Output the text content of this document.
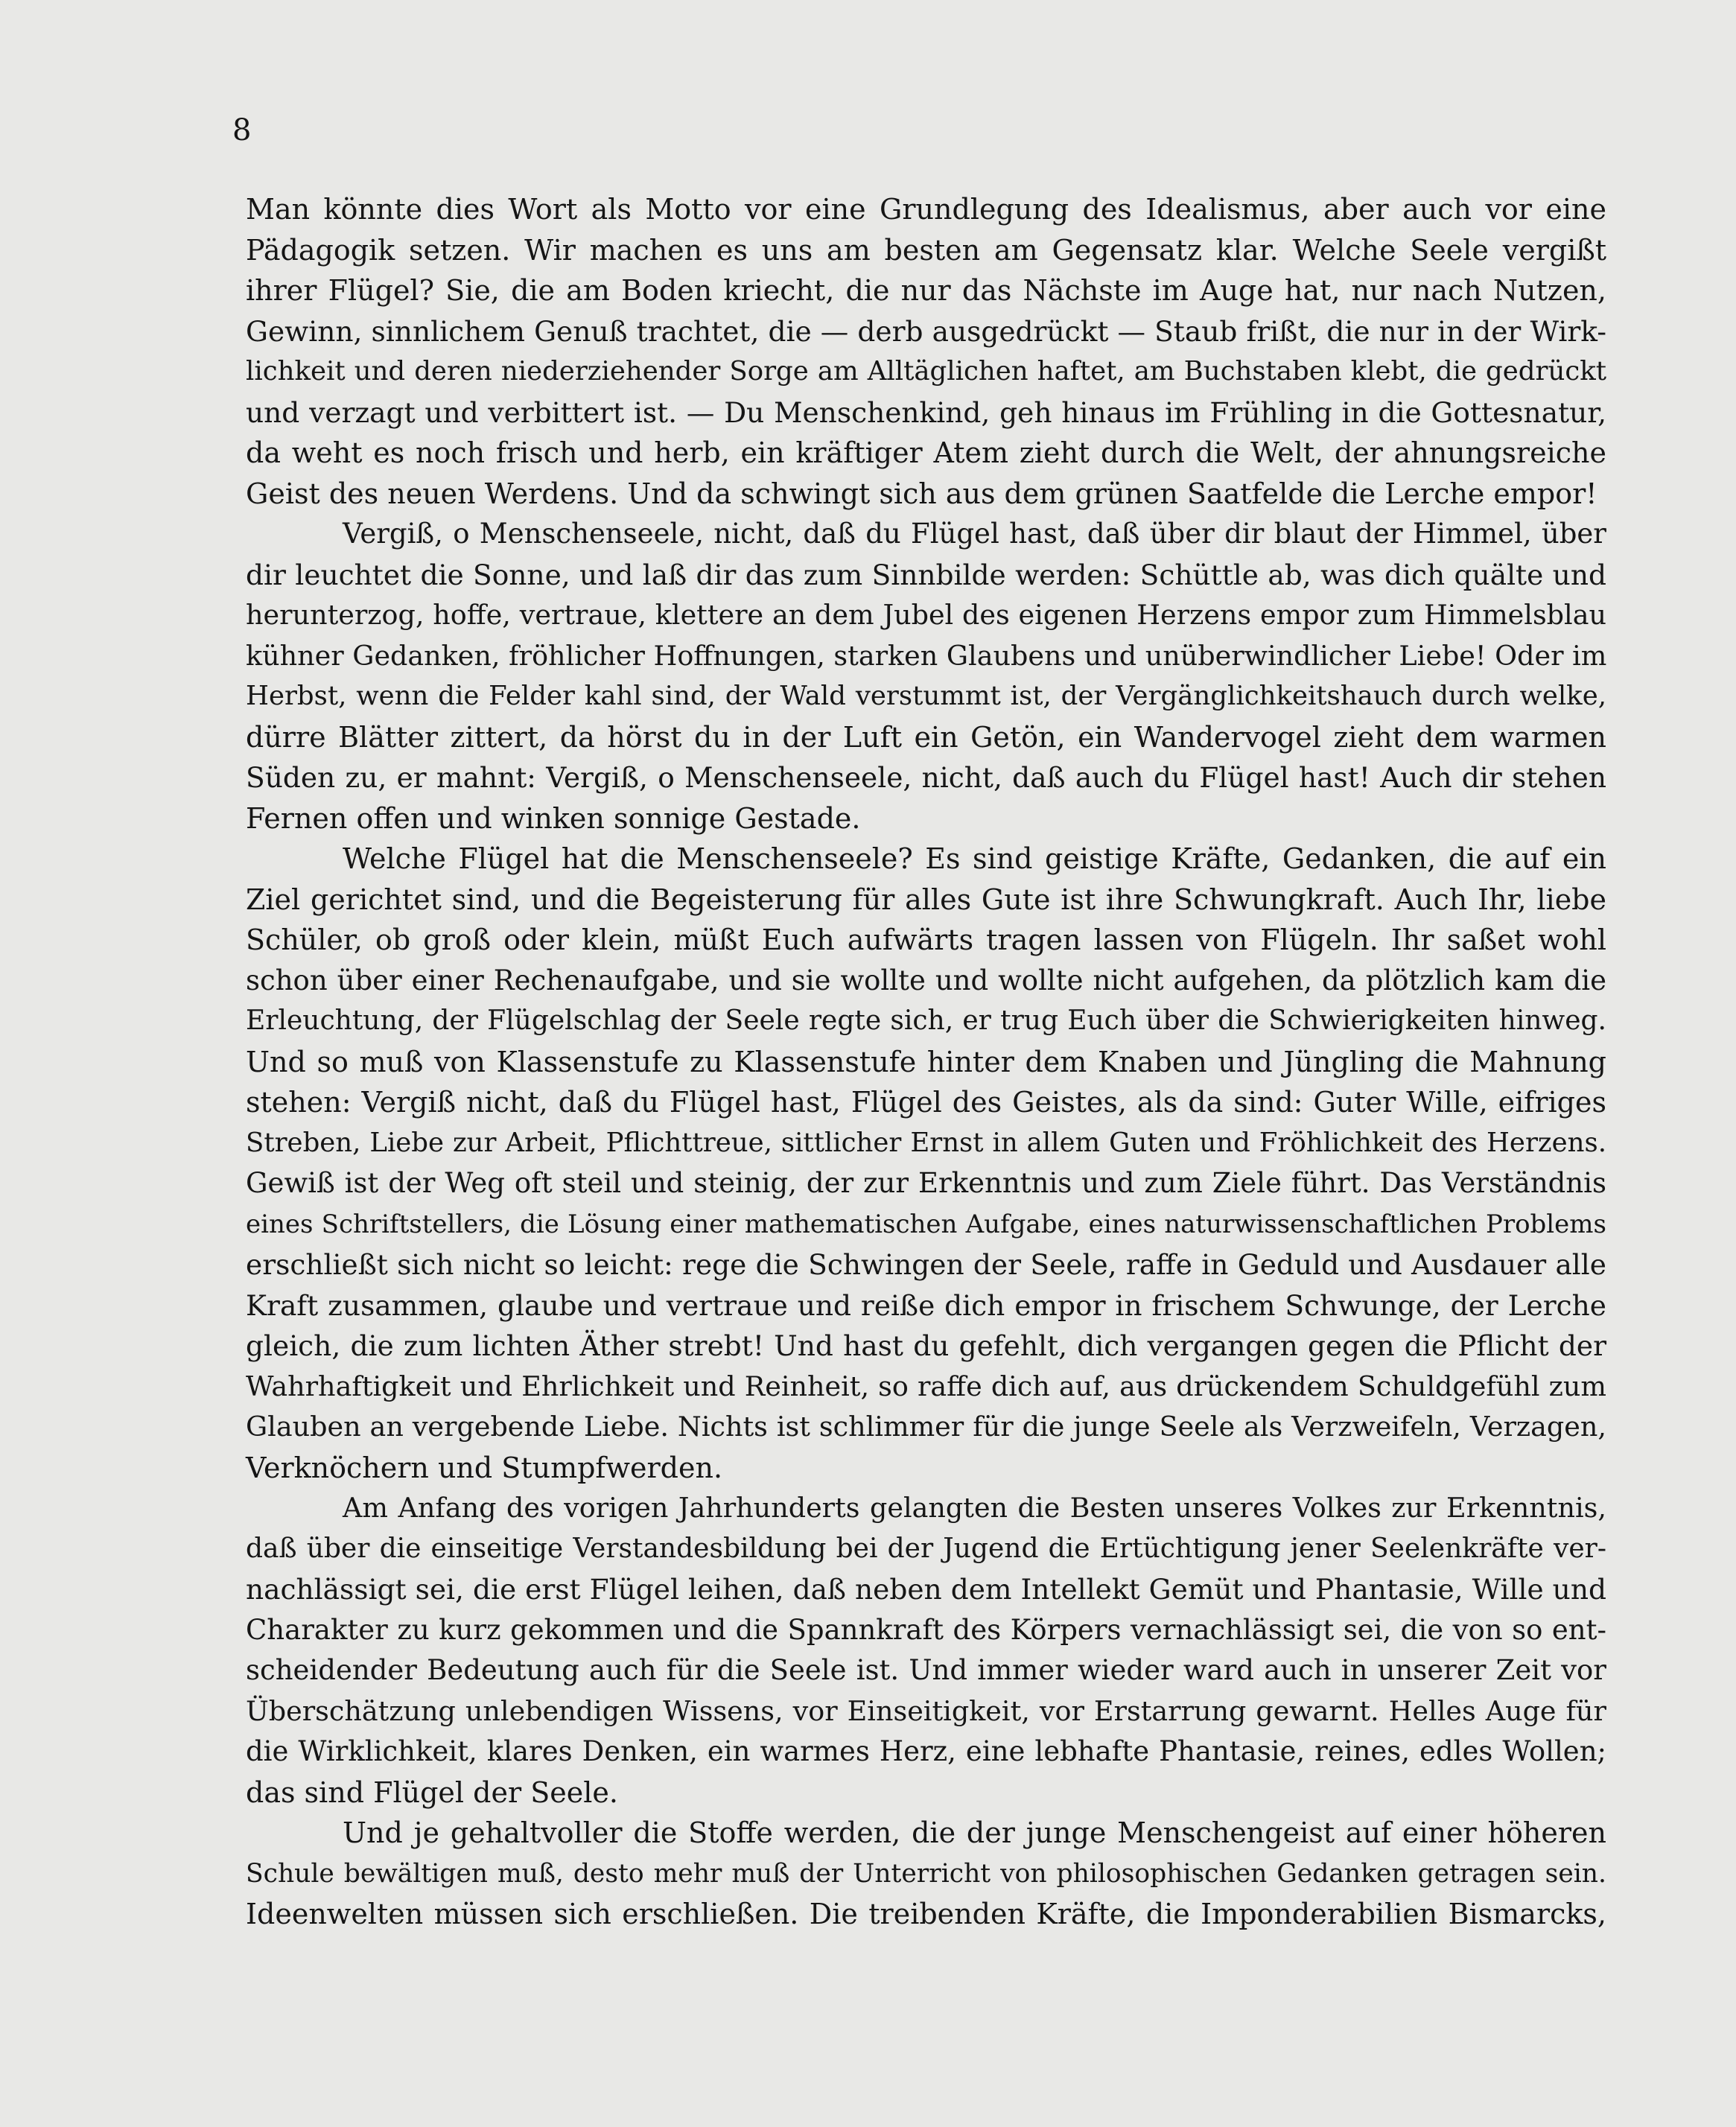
8
Man könnte dies Wort als Motto vor eine Grundlegung des Idealismus, aber auch vor eine
Pädagogik setzen. Wir machen es uns am besten am Gegensatz klar. Welche Seele vergißt
ihrer Flügel? Sie, die am Boden kriecht, die nur das Nächste im Auge hat, nur nach Nutzen,
Gewinn, sinnlichem Genuß trachtet, die — derb ausgedrückt — Staub frißt, die nur in der Wirk-
lichkeit und deren niederziehender Sorge am Alltäglichen haftet, am Buchstaben klebt, die gedrückt
und verzagt und verbittert ist. — Du Menschenkind, geh hinaus im Frühling in die Gottesnatur,
da weht es noch frisch und herb, ein kräftiger Atem zieht durch die Welt, der ahnungsreiche
Geist des neuen Werdens. Und da schwingt sich aus dem grünen Saatfelde die Lerche empor!
Vergiß, o Menschenseele, nicht, daß du Flügel hast, daß über dir blaut der Himmel, über
dir leuchtet die Sonne, und laß dir das zum Sinnbilde werden: Schüttle ab, was dich quälte und
herunterzog, hoffe, vertraue, klettere an dem Jubel des eigenen Herzens empor zum Himmelsblau
kühner Gedanken, fröhlicher Hoffnungen, starken Glaubens und unüberwindlicher Liebe! Oder im
Herbst, wenn die Felder kahl sind, der Wald verstummt ist, der Vergänglichkeitshauch durch welke,
dürre Blätter zittert, da hörst du in der Luft ein Getön, ein Wandervogel zieht dem warmen
Süden zu, er mahnt: Vergiß, o Menschenseele, nicht, daß auch du Flügel hast! Auch dir stehen
Fernen offen und winken sonnige Gestade.
Welche Flügel hat die Menschenseele? Es sind geistige Kräfte, Gedanken, die auf ein
Ziel gerichtet sind, und die Begeisterung für alles Gute ist ihre Schwungkraft. Auch Ihr, liebe
Schüler, ob groß oder klein, müßt Euch aufwärts tragen lassen von Flügeln. Ihr saßet wohl
schon über einer Rechenaufgabe, und sie wollte und wollte nicht aufgehen, da plötzlich kam die
Erleuchtung, der Flügelschlag der Seele regte sich, er trug Euch über die Schwierigkeiten hinweg.
Und so muß von Klassenstufe zu Klassenstufe hinter dem Knaben und Jüngling die Mahnung
stehen: Vergiß nicht, daß du Flügel hast, Flügel des Geistes, als da sind: Guter Wille, eifriges
Streben, Liebe zur Arbeit, Pflichttreue, sittlicher Ernst in allem Guten und Fröhlichkeit des Herzens.
Gewiß ist der Weg oft steil und steinig, der zur Erkenntnis und zum Ziele führt. Das Verständnis
eines Schriftstellers, die Lösung einer mathematischen Aufgabe, eines naturwissenschaftlichen Problems
erschließt sich nicht so leicht: rege die Schwingen der Seele, raffe in Geduld und Ausdauer alle
Kraft zusammen, glaube und vertraue und reiße dich empor in frischem Schwunge, der Lerche
gleich, die zum lichten Äther strebt! Und hast du gefehlt, dich vergangen gegen die Pflicht der
Wahrhaftigkeit und Ehrlichkeit und Reinheit, so raffe dich auf, aus drückendem Schuldgefühl zum
Glauben an vergebende Liebe. Nichts ist schlimmer für die junge Seele als Verzweifeln, Verzagen,
Verknöchern und Stumpfwerden.
Am Anfang des vorigen Jahrhunderts gelangten die Besten unseres Volkes zur Erkenntnis,
daß über die einseitige Verstandesbildung bei der Jugend die Ertüchtigung jener Seelenkräfte ver-
nachlässigt sei, die erst Flügel leihen, daß neben dem Intellekt Gemüt und Phantasie, Wille und
Charakter zu kurz gekommen und die Spannkraft des Körpers vernachlässigt sei, die von so ent-
scheidender Bedeutung auch für die Seele ist. Und immer wieder ward auch in unserer Zeit vor
Überschätzung unlebendigen Wissens, vor Einseitigkeit, vor Erstarrung gewarnt. Helles Auge für
die Wirklichkeit, klares Denken, ein warmes Herz, eine lebhafte Phantasie, reines, edles Wollen;
das sind Flügel der Seele.
Und je gehaltvoller die Stoffe werden, die der junge Menschengeist auf einer höheren
Schule bewältigen muß, desto mehr muß der Unterricht von philosophischen Gedanken getragen sein.
Ideenwelten müssen sich erschließen. Die treibenden Kräfte, die Imponderabilien Bismarcks,
